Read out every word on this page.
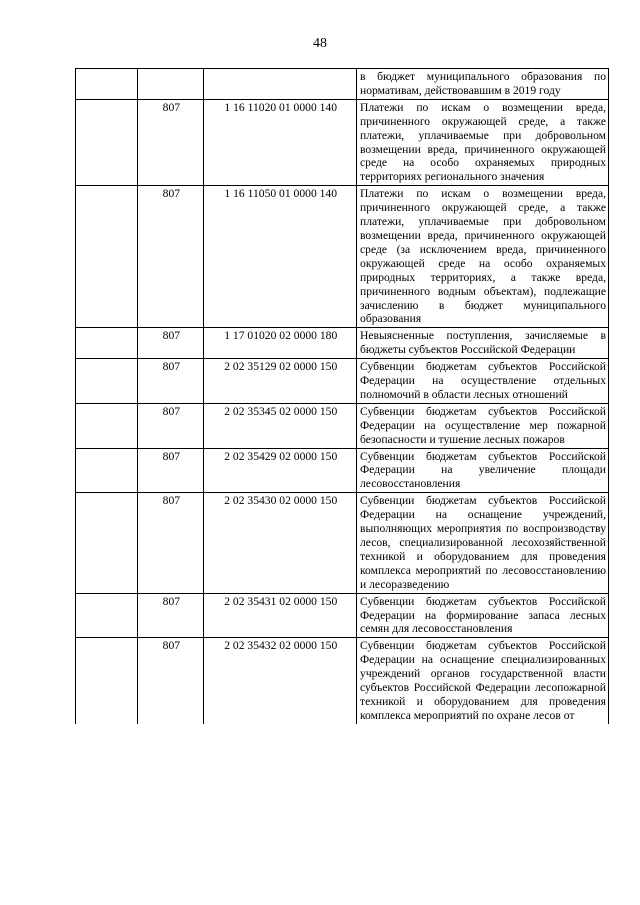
48
			в бюджет муниципального образования по нормативам, действовавшим в 2019 году
	807	1 16 11020 01 0000 140	Платежи по искам о возмещении вреда, причиненного окружающей среде, а также платежи, уплачиваемые при добровольном возмещении вреда, причиненного окружающей среде на особо охраняемых природных территориях регионального значения
	807	1 16 11050 01 0000 140	Платежи по искам о возмещении вреда, причиненного окружающей среде, а также платежи, уплачиваемые при добровольном возмещении вреда, причиненного окружающей среде (за исключением вреда, причиненного окружающей среде на особо охраняемых природных территориях, а также вреда, причиненного водным объектам), подлежащие зачислению в бюджет муниципального образования
	807	1 17 01020 02 0000 180	Невыясненные поступления, зачисляемые в бюджеты субъектов Российской Федерации
	807	2 02 35129 02 0000 150	Субвенции бюджетам субъектов Российской Федерации на осуществление отдельных полномочий в области лесных отношений
	807	2 02 35345 02 0000 150	Субвенции бюджетам субъектов Российской Федерации на осуществление мер пожарной безопасности и тушение лесных пожаров
	807	2 02 35429 02 0000 150	Субвенции бюджетам субъектов Российской Федерации на увеличение площади лесовосстановления
	807	2 02 35430 02 0000 150	Субвенции бюджетам субъектов Российской Федерации на оснащение учреждений, выполняющих мероприятия по воспроизводству лесов, специализированной лесохозяйственной техникой и оборудованием для проведения комплекса мероприятий по лесовосстановлению и лесоразведению
	807	2 02 35431 02 0000 150	Субвенции бюджетам субъектов Российской Федерации на формирование запаса лесных семян для лесовосстановления
	807	2 02 35432 02 0000 150	Субвенции бюджетам субъектов Российской Федерации на оснащение специализированных учреждений органов государственной власти субъектов Российской Федерации лесопожарной техникой и оборудованием для проведения комплекса мероприятий по охране лесов от
